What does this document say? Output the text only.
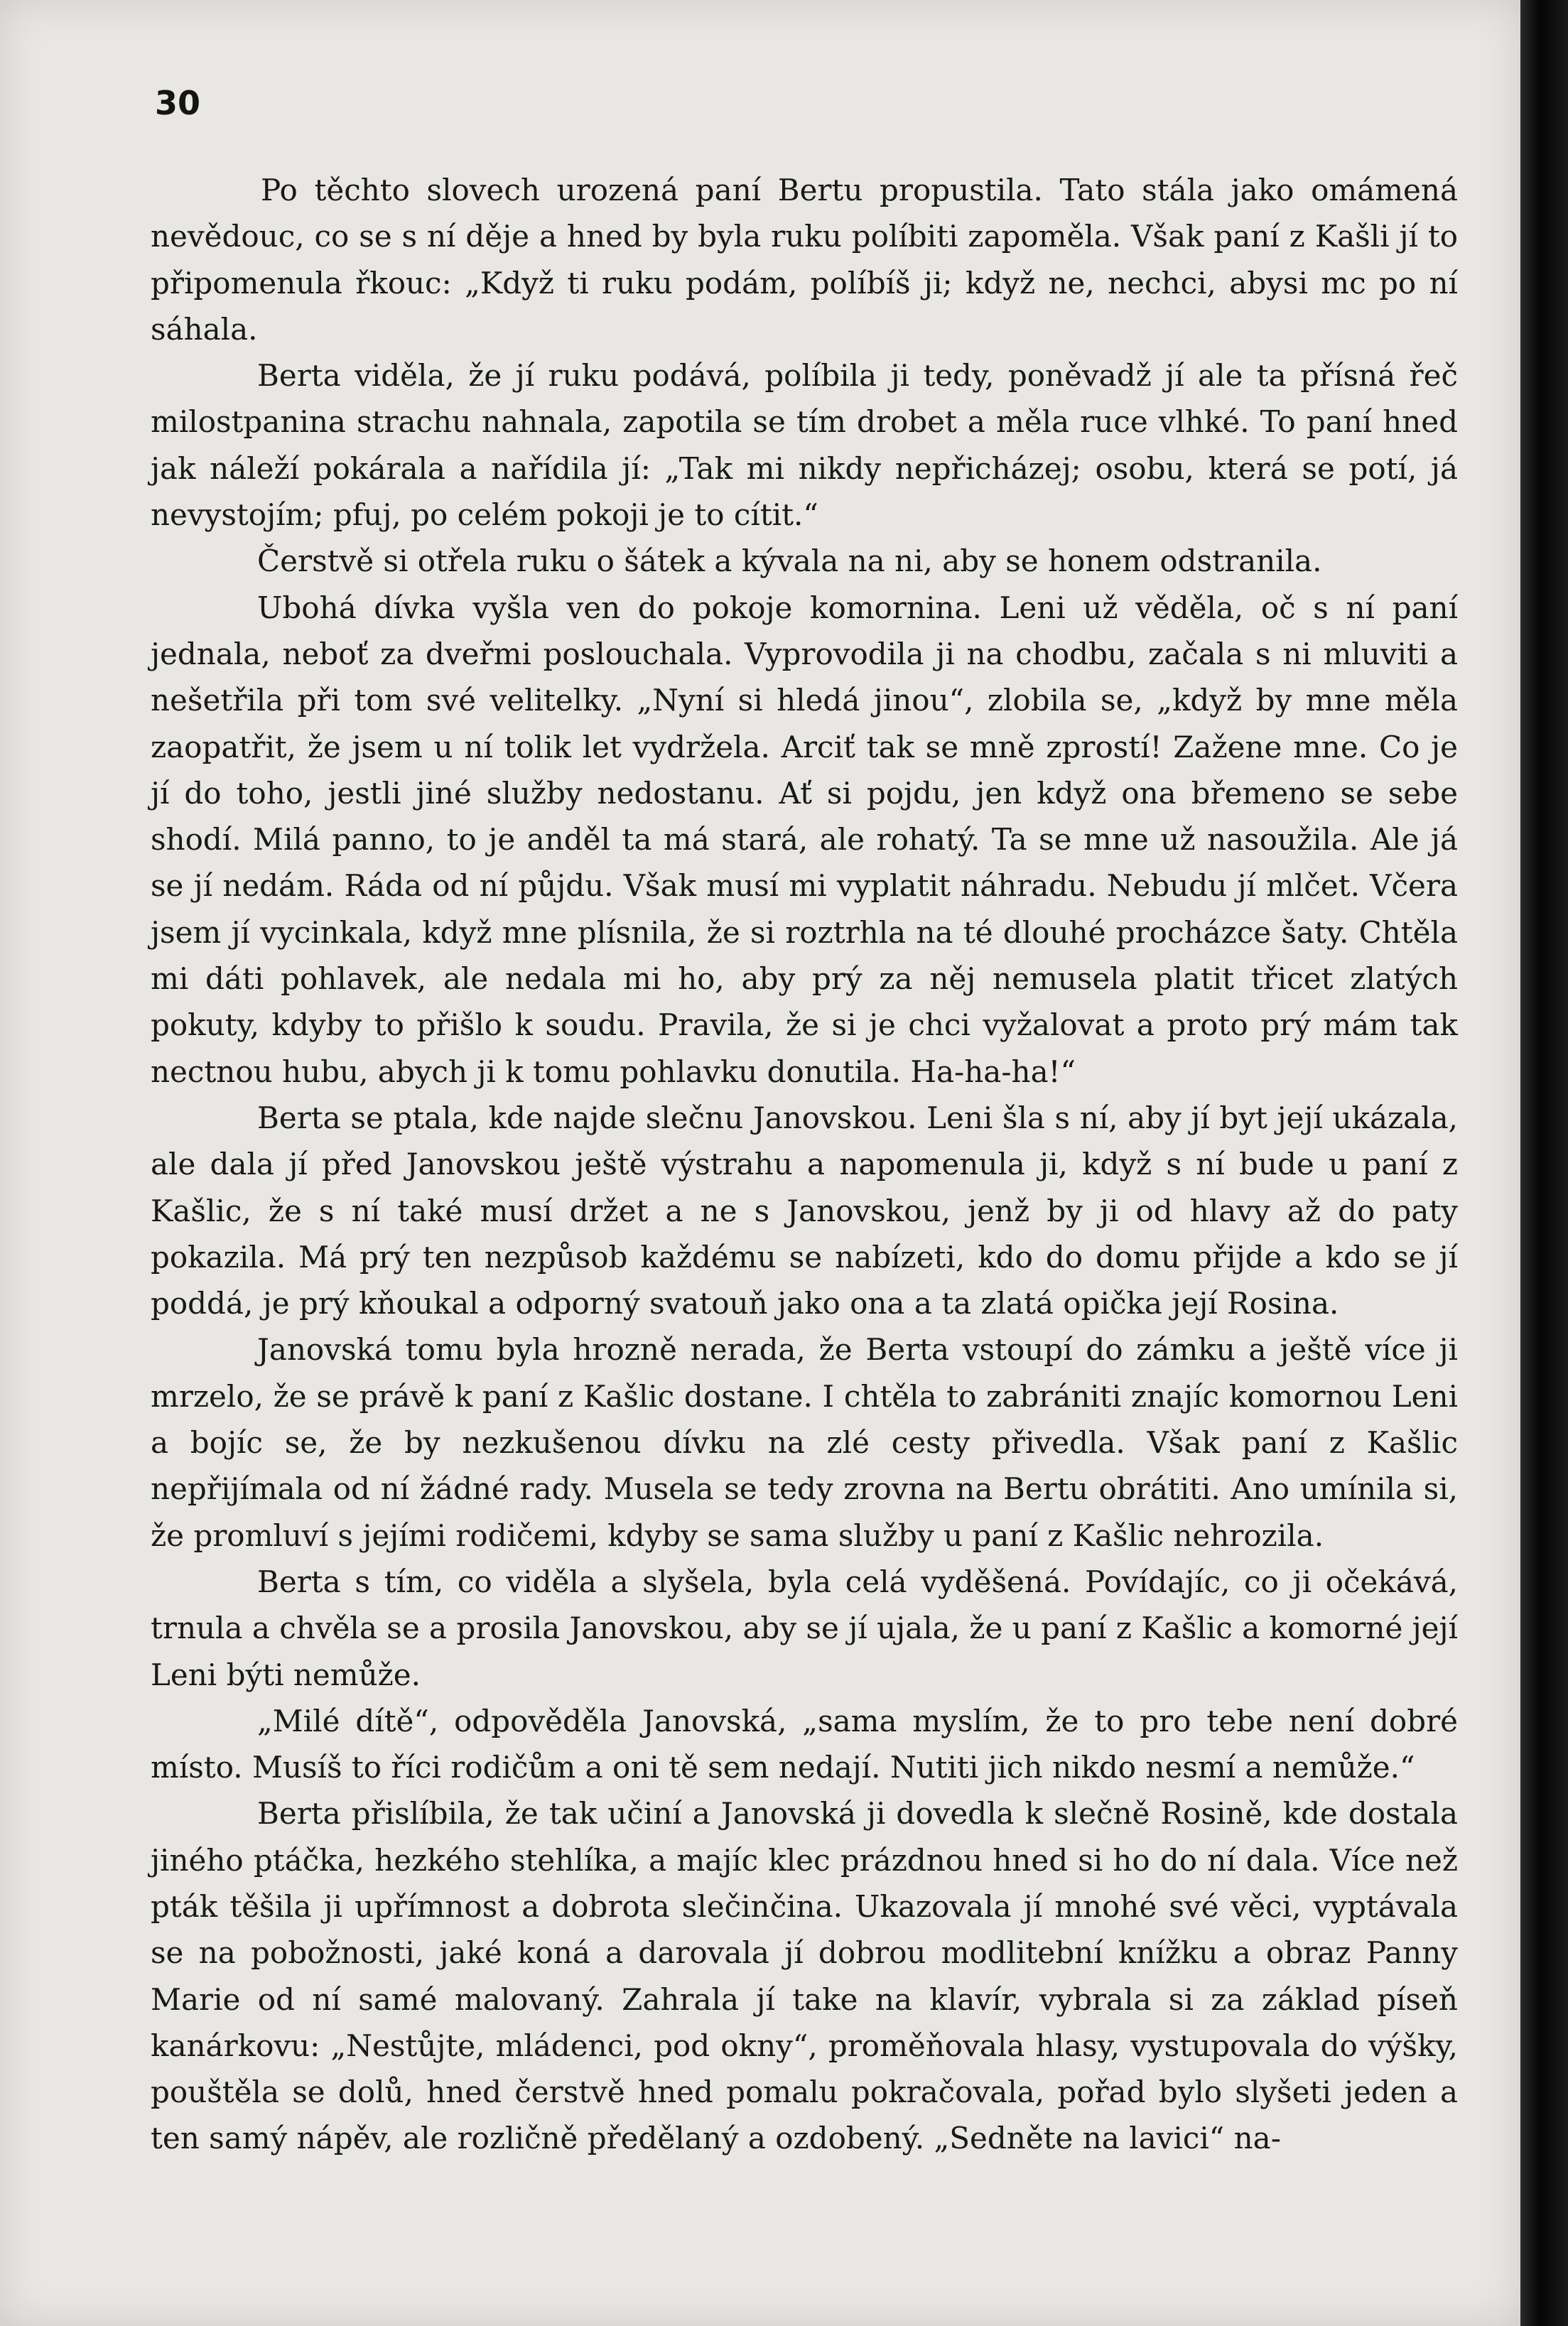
30

Po těchto slovech urozená paní Bertu propustila. Tato stála jako omámená nevědouc, co se s ní děje a hned by byla ruku políbiti zapoměla. Však paní z Kašli jí to připomenula řkouc: „Když ti ruku podám, políbíš ji; když ne, nechci, abysi mc po ní sáhala.

Berta viděla, že jí ruku podává, políbila ji tedy, poněvadž jí ale ta přísná řeč milostpanina strachu nahnala, zapotila se tím drobet a měla ruce vlhké. To paní hned jak náleží pokárala a nařídila jí: „Tak mi nikdy nepřicházej; osobu, která se potí, já nevystojím; pfuj, po celém pokoji je to cítit.“

Čerstvě si otřela ruku o šátek a kývala na ni, aby se honem odstranila.

Ubohá dívka vyšla ven do pokoje komornina. Leni už věděla, oč s ní paní jednala, neboť za dveřmi poslouchala. Vyprovodila ji na chodbu, začala s ni mluviti a nešetřila při tom své velitelky. „Nyní si hledá jinou“, zlobila se, „když by mne měla zaopatřit, že jsem u ní tolik let vydržela. Arciť tak se mně zprostí! Zažene mne. Co je jí do toho, jestli jiné služby nedostanu. Ať si pojdu, jen když ona břemeno se sebe shodí. Milá panno, to je anděl ta má stará, ale rohatý. Ta se mne už nasoužila. Ale já se jí nedám. Ráda od ní půjdu. Však musí mi vyplatit náhradu. Nebudu jí mlčet. Včera jsem jí vycinkala, když mne plísnila, že si roztrhla na té dlouhé procházce šaty. Chtěla mi dáti pohlavek, ale nedala mi ho, aby prý za něj nemusela platit třicet zlatých pokuty, kdyby to přišlo k soudu. Pravila, že si je chci vyžalovat a proto prý mám tak nectnou hubu, abych ji k tomu pohlavku donutila. Ha-ha-ha!“

Berta se ptala, kde najde slečnu Janovskou. Leni šla s ní, aby jí byt její ukázala, ale dala jí před Janovskou ještě výstrahu a napomenula ji, když s ní bude u paní z Kašlic, že s ní také musí držet a ne s Janovskou, jenž by ji od hlavy až do paty pokazila. Má prý ten nezpůsob každému se nabízeti, kdo do domu přijde a kdo se jí poddá, je prý kňoukal a odporný svatouň jako ona a ta zlatá opička její Rosina.

Janovská tomu byla hrozně nerada, že Berta vstoupí do zámku a ještě více ji mrzelo, že se právě k paní z Kašlic dostane. I chtěla to zabrániti znajíc komornou Leni a bojíc se, že by nezkušenou dívku na zlé cesty přivedla. Však paní z Kašlic nepřijímala od ní žádné rady. Musela se tedy zrovna na Bertu obrátiti. Ano umínila si, že promluví s jejími rodičemi, kdyby se sama služby u paní z Kašlic nehrozila.

Berta s tím, co viděla a slyšela, byla celá vyděšená. Povídajíc, co ji očekává, trnula a chvěla se a prosila Janovskou, aby se jí ujala, že u paní z Kašlic a komorné její Leni býti nemůže.

„Milé dítě“, odpověděla Janovská, „sama myslím, že to pro tebe není dobré místo. Musíš to říci rodičům a oni tě sem nedají. Nutiti jich nikdo nesmí a nemůže.“

Berta přislíbila, že tak učiní a Janovská ji dovedla k slečně Rosině, kde dostala jiného ptáčka, hezkého stehlíka, a majíc klec prázdnou hned si ho do ní dala. Více než pták těšila ji upřímnost a dobrota slečinčina. Ukazovala jí mnohé své věci, vyptávala se na pobožnosti, jaké koná a darovala jí dobrou modlitební knížku a obraz Panny Marie od ní samé malovaný. Zahrala jí take na klavír, vybrala si za základ píseň kanárkovu: „Nestůjte, mládenci, pod okny“, proměňovala hlasy, vystupovala do výšky, pouštěla se dolů, hned čerstvě hned pomalu pokračovala, pořad bylo slyšeti jeden a ten samý nápěv, ale rozličně předělaný a ozdobený. „Sedněte na lavici“ na-
